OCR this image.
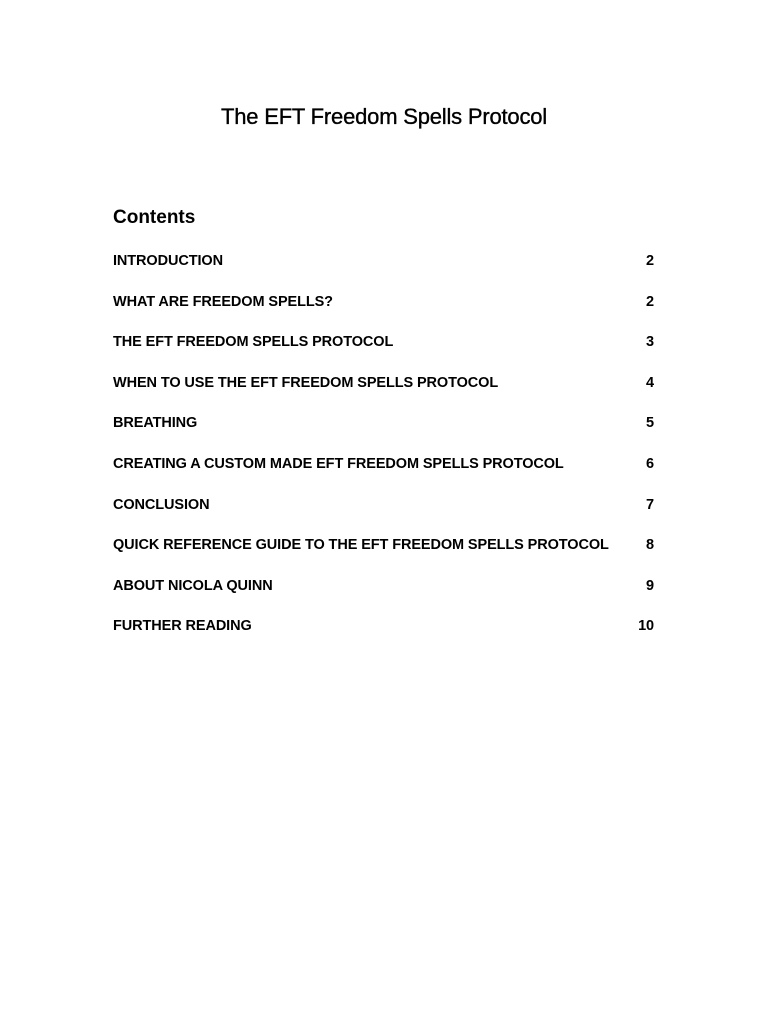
The EFT Freedom Spells Protocol
Contents
INTRODUCTION	2
WHAT ARE FREEDOM SPELLS?	2
THE EFT FREEDOM SPELLS PROTOCOL	3
WHEN TO USE THE EFT FREEDOM SPELLS PROTOCOL	4
BREATHING	5
CREATING A CUSTOM MADE EFT FREEDOM SPELLS PROTOCOL	6
CONCLUSION	7
QUICK REFERENCE GUIDE TO THE EFT FREEDOM SPELLS PROTOCOL	8
ABOUT NICOLA QUINN	9
FURTHER READING	10
